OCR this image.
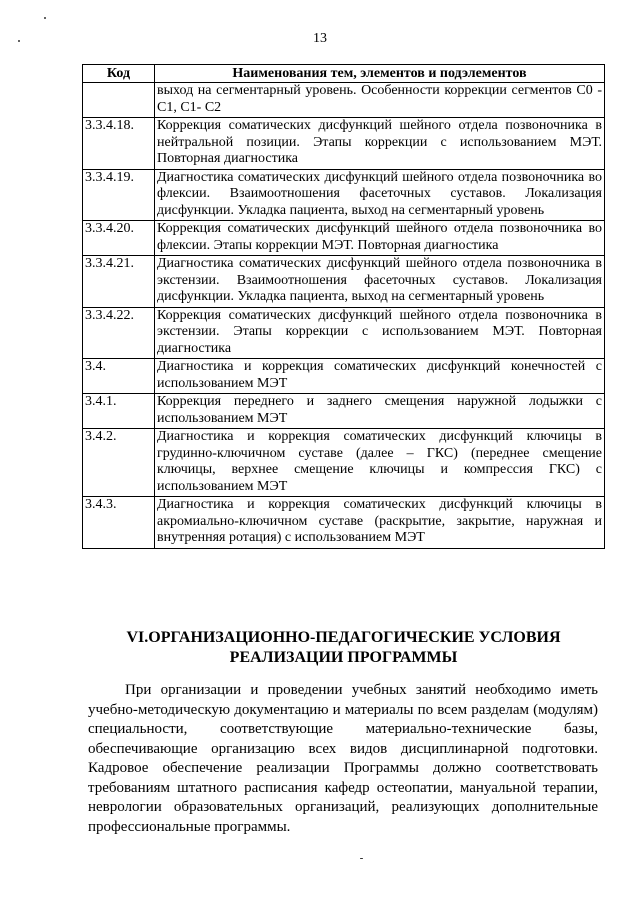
13
Код	Наименования тем, элементов и подэлементов
	выход на сегментарный уровень. Особенности коррекции сегментов C0 - C1, C1- C2
3.3.4.18.	Коррекция соматических дисфункций шейного отдела позвоночника в нейтральной позиции. Этапы коррекции с использованием МЭТ. Повторная диагностика
3.3.4.19.	Диагностика соматических дисфункций шейного отдела позвоночника во флексии. Взаимоотношения фасеточных суставов. Локализация дисфункции. Укладка пациента, выход на сегментарный уровень
3.3.4.20.	Коррекция соматических дисфункций шейного отдела позвоночника во флексии. Этапы коррекции МЭТ. Повторная диагностика
3.3.4.21.	Диагностика соматических дисфункций шейного отдела позвоночника в экстензии. Взаимоотношения фасеточных суставов. Локализация дисфункции. Укладка пациента, выход на сегментарный уровень
3.3.4.22.	Коррекция соматических дисфункций шейного отдела позвоночника в экстензии. Этапы коррекции с использованием МЭТ. Повторная диагностика
3.4.	Диагностика и коррекция соматических дисфункций конечностей с использованием МЭТ
3.4.1.	Коррекция переднего и заднего смещения наружной лодыжки с использованием МЭТ
3.4.2.	Диагностика и коррекция соматических дисфункций ключицы в грудинно-ключичном суставе (далее – ГКС) (переднее смещение ключицы, верхнее смещение ключицы и компрессия ГКС) с использованием МЭТ
3.4.3.	Диагностика и коррекция соматических дисфункций ключицы в акромиально-ключичном суставе (раскрытие, закрытие, наружная и внутренняя ротация) с использованием МЭТ
VI.ОРГАНИЗАЦИОННО-ПЕДАГОГИЧЕСКИЕ УСЛОВИЯ
РЕАЛИЗАЦИИ ПРОГРАММЫ

При организации и проведении учебных занятий необходимо иметь учебно-методическую документацию и материалы по всем разделам (модулям) специальности, соответствующие материально-технические базы, обеспечивающие организацию всех видов дисциплинарной подготовки. Кадровое обеспечение реализации Программы должно соответствовать требованиям штатного расписания кафедр остеопатии, мануальной терапии, неврологии образовательных организаций, реализующих дополнительные профессиональные программы.
